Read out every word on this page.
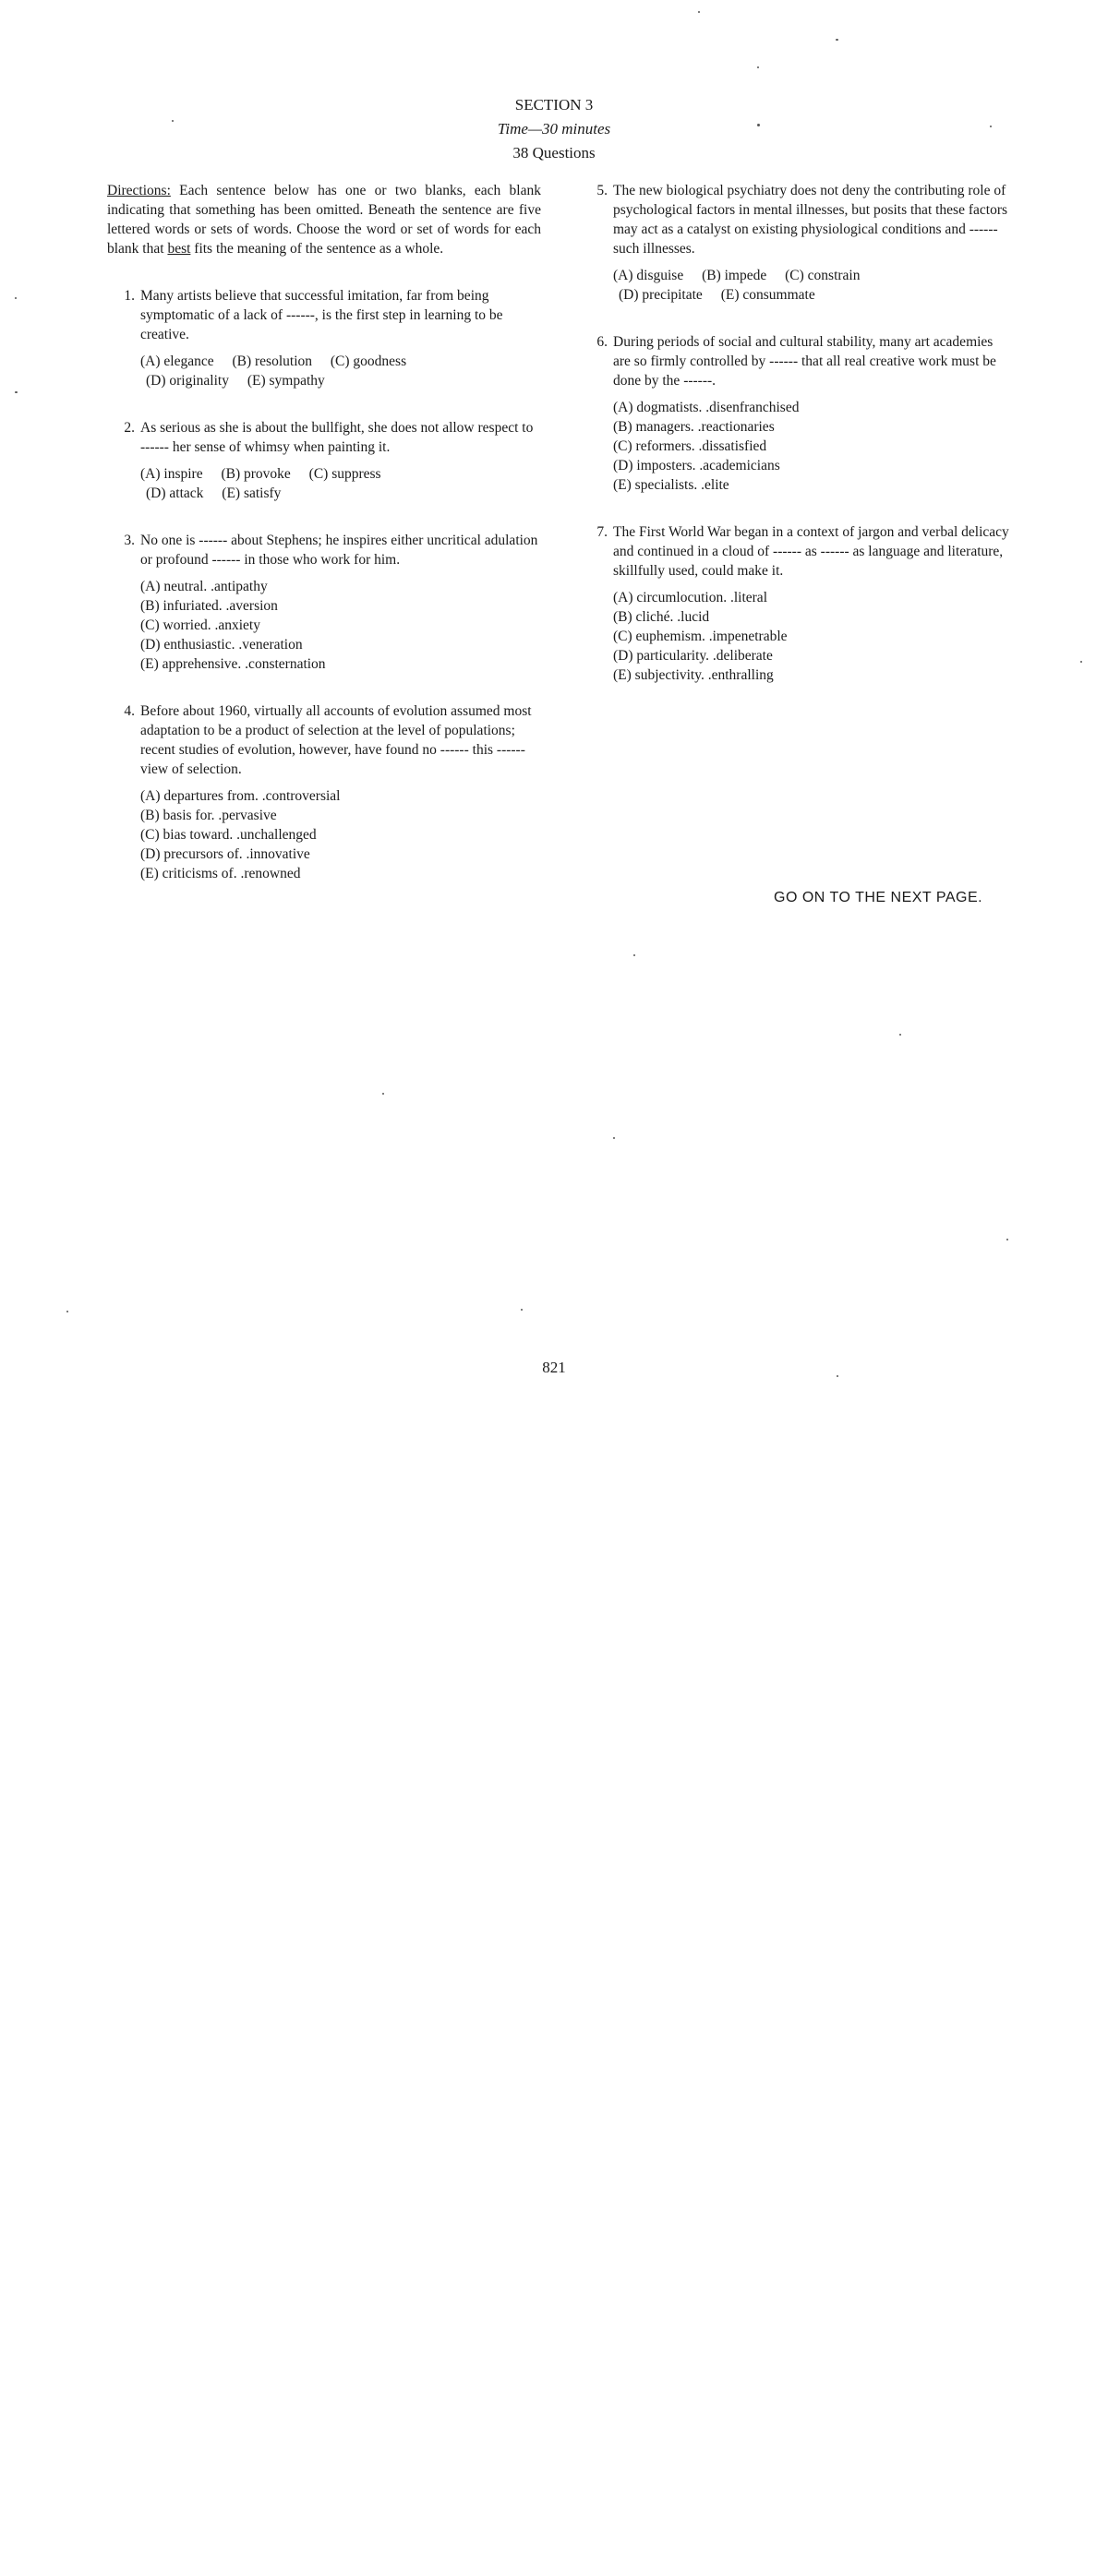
SECTION 3
Time—30 minutes
38 Questions

Directions: Each sentence below has one or two blanks, each blank indicating that something has been omitted. Beneath the sentence are five lettered words or sets of words. Choose the word or set of words for each blank that best fits the meaning of the sentence as a whole.

1. Many artists believe that successful imitation, far from being symptomatic of a lack of ------, is the first step in learning to be creative.

(A) elegance (B) resolution (C) goodness

(D) originality (E) sympathy

2. As serious as she is about the bullfight, she does not allow respect to ------ her sense of whimsy when painting it.

(A) inspire (B) provoke (C) suppress

(D) attack (E) satisfy

3. No one is ------ about Stephens; he inspires either uncritical adulation or profound ------ in those who work for him.

(A) neutral. .antipathy
(B) infuriated. .aversion
(C) worried. .anxiety
(D) enthusiastic. .veneration
(E) apprehensive. .consternation
4. Before about 1960, virtually all accounts of evolution assumed most adaptation to be a product of selection at the level of populations; recent studies of evolution, however, have found no ------ this ------ view of selection.

(A) departures from. .controversial
(B) basis for. .pervasive
(C) bias toward. .unchallenged
(D) precursors of. .innovative
(E) criticisms of. .renowned
5. The new biological psychiatry does not deny the contributing role of psychological factors in mental illnesses, but posits that these factors may act as a catalyst on existing physiological conditions and ------ such illnesses.

(A) disguise (B) impede (C) constrain

(D) precipitate (E) consummate

6. During periods of social and cultural stability, many art academies are so firmly controlled by ------ that all real creative work must be done by the ------.

(A) dogmatists. .disenfranchised
(B) managers. .reactionaries
(C) reformers. .dissatisfied
(D) imposters. .academicians
(E) specialists. .elite
7. The First World War began in a context of jargon and verbal delicacy and continued in a cloud of ------ as ------ as language and literature, skillfully used, could make it.

(A) circumlocution. .literal
(B) cliché. .lucid
(C) euphemism. .impenetrable
(D) particularity. .deliberate
(E) subjectivity. .enthralling
GO ON TO THE NEXT PAGE.
821
